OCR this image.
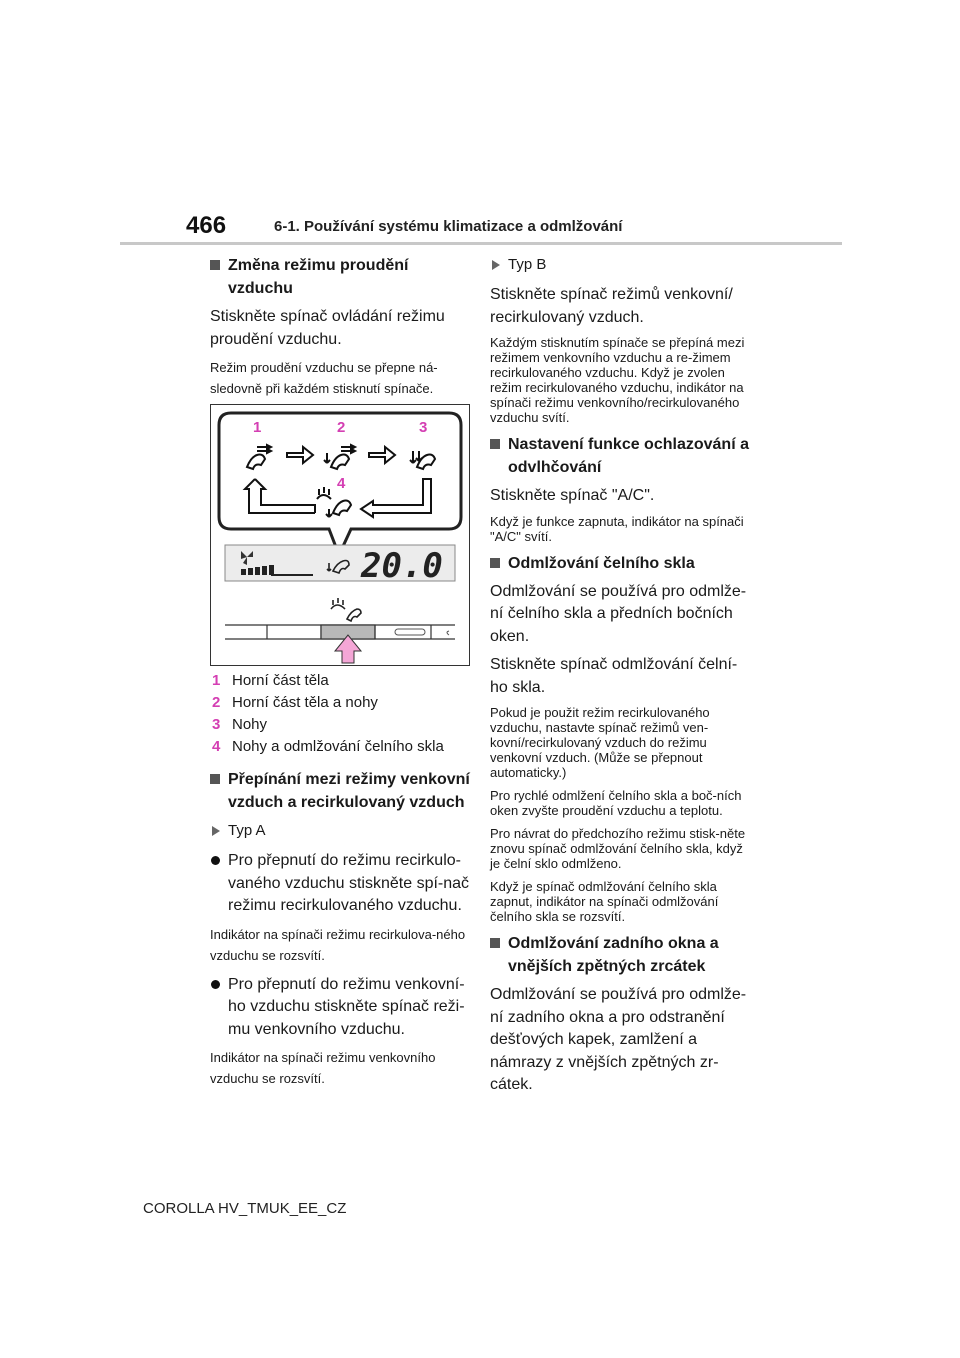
466	6-1. Používání systému klimatizace a odmlžování
Změna režimu proudění vzduchu
Stiskněte spínač ovládání režimu proudění vzduchu.
Režim proudění vzduchu se přepne ná-sledovně při každém stisknutí spínače.
1	2	3
4
20.0
1 Horní část těla
2 Horní část těla a nohy
3 Nohy
4 Nohy a odmlžování čelního skla
Přepínání mezi režimy venkovní vzduch a recirkulovaný vzduch
Typ A
Pro přepnutí do režimu recirkulo-vaného vzduchu stiskněte spí-nač režimu recirkulovaného vzduchu.
Indikátor na spínači režimu recirkulova-ného vzduchu se rozsvítí.
Pro přepnutí do režimu venkovní-ho vzduchu stiskněte spínač reži-mu venkovního vzduchu.
Indikátor na spínači režimu venkovního vzduchu se rozsvítí.
Typ B
Stiskněte spínač režimů venkovní/ recirkulovaný vzduch.
Každým stisknutím spínače se přepíná mezi režimem venkovního vzduchu a re-žimem recirkulovaného vzduchu. Když je zvolen režim recirkulovaného vzduchu, indikátor na spínači režimu venkovního/recirkulovaného vzduchu svítí.
Nastavení funkce ochlazování a odvlhčování
Stiskněte spínač "A/C".
Když je funkce zapnuta, indikátor na spínači "A/C" svítí.
Odmlžování čelního skla
Odmlžování se používá pro odmlže-ní čelního skla a předních bočních oken.
Stiskněte spínač odmlžování čelní-ho skla.
Pokud je použit režim recirkulovaného vzduchu, nastavte spínač režimů ven-kovní/recirkulovaný vzduch do režimu venkovní vzduch. (Může se přepnout automaticky.)
Pro rychlé odmlžení čelního skla a boč-ních oken zvyšte proudění vzduchu a teplotu.
Pro návrat do předchozího režimu stisk-něte znovu spínač odmlžování čelního skla, když je čelní sklo odmlženo.
Když je spínač odmlžování čelního skla zapnut, indikátor na spínači odmlžování čelního skla se rozsvítí.
Odmlžování zadního okna a vnějších zpětných zrcátek
Odmlžování se používá pro odmlže-ní zadního okna a pro odstranění dešťových kapek, zamlžení a námrazy z vnějších zpětných zr-cátek.
COROLLA HV_TMUK_EE_CZ
